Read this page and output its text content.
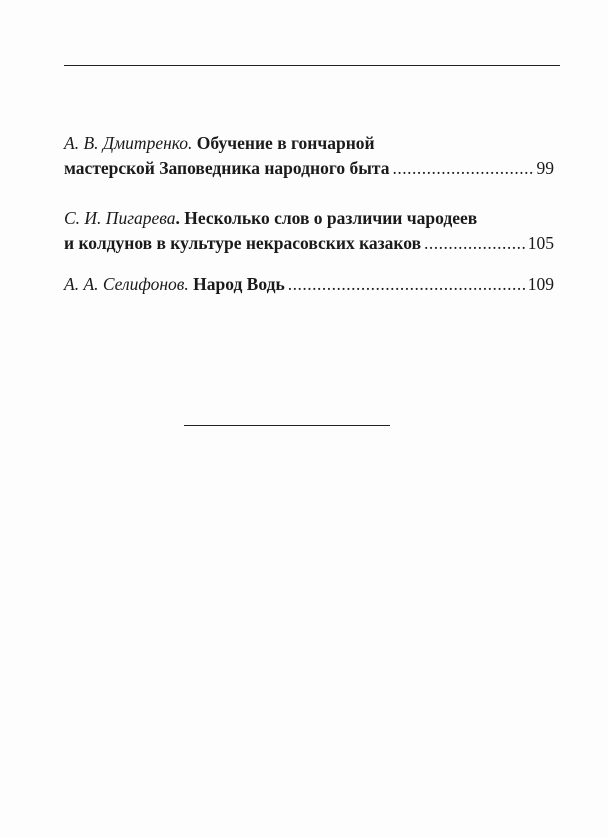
А. В. Дмитренко.
Обучение в гончарной
мастерской Заповедника народного быта .....	99
С. И. Пигарева . Несколько слов о различии чародеев
и колдунов в культуре некрасовских казаков .....	105
А. А. Селифонов.
Народ Водь .....	109
